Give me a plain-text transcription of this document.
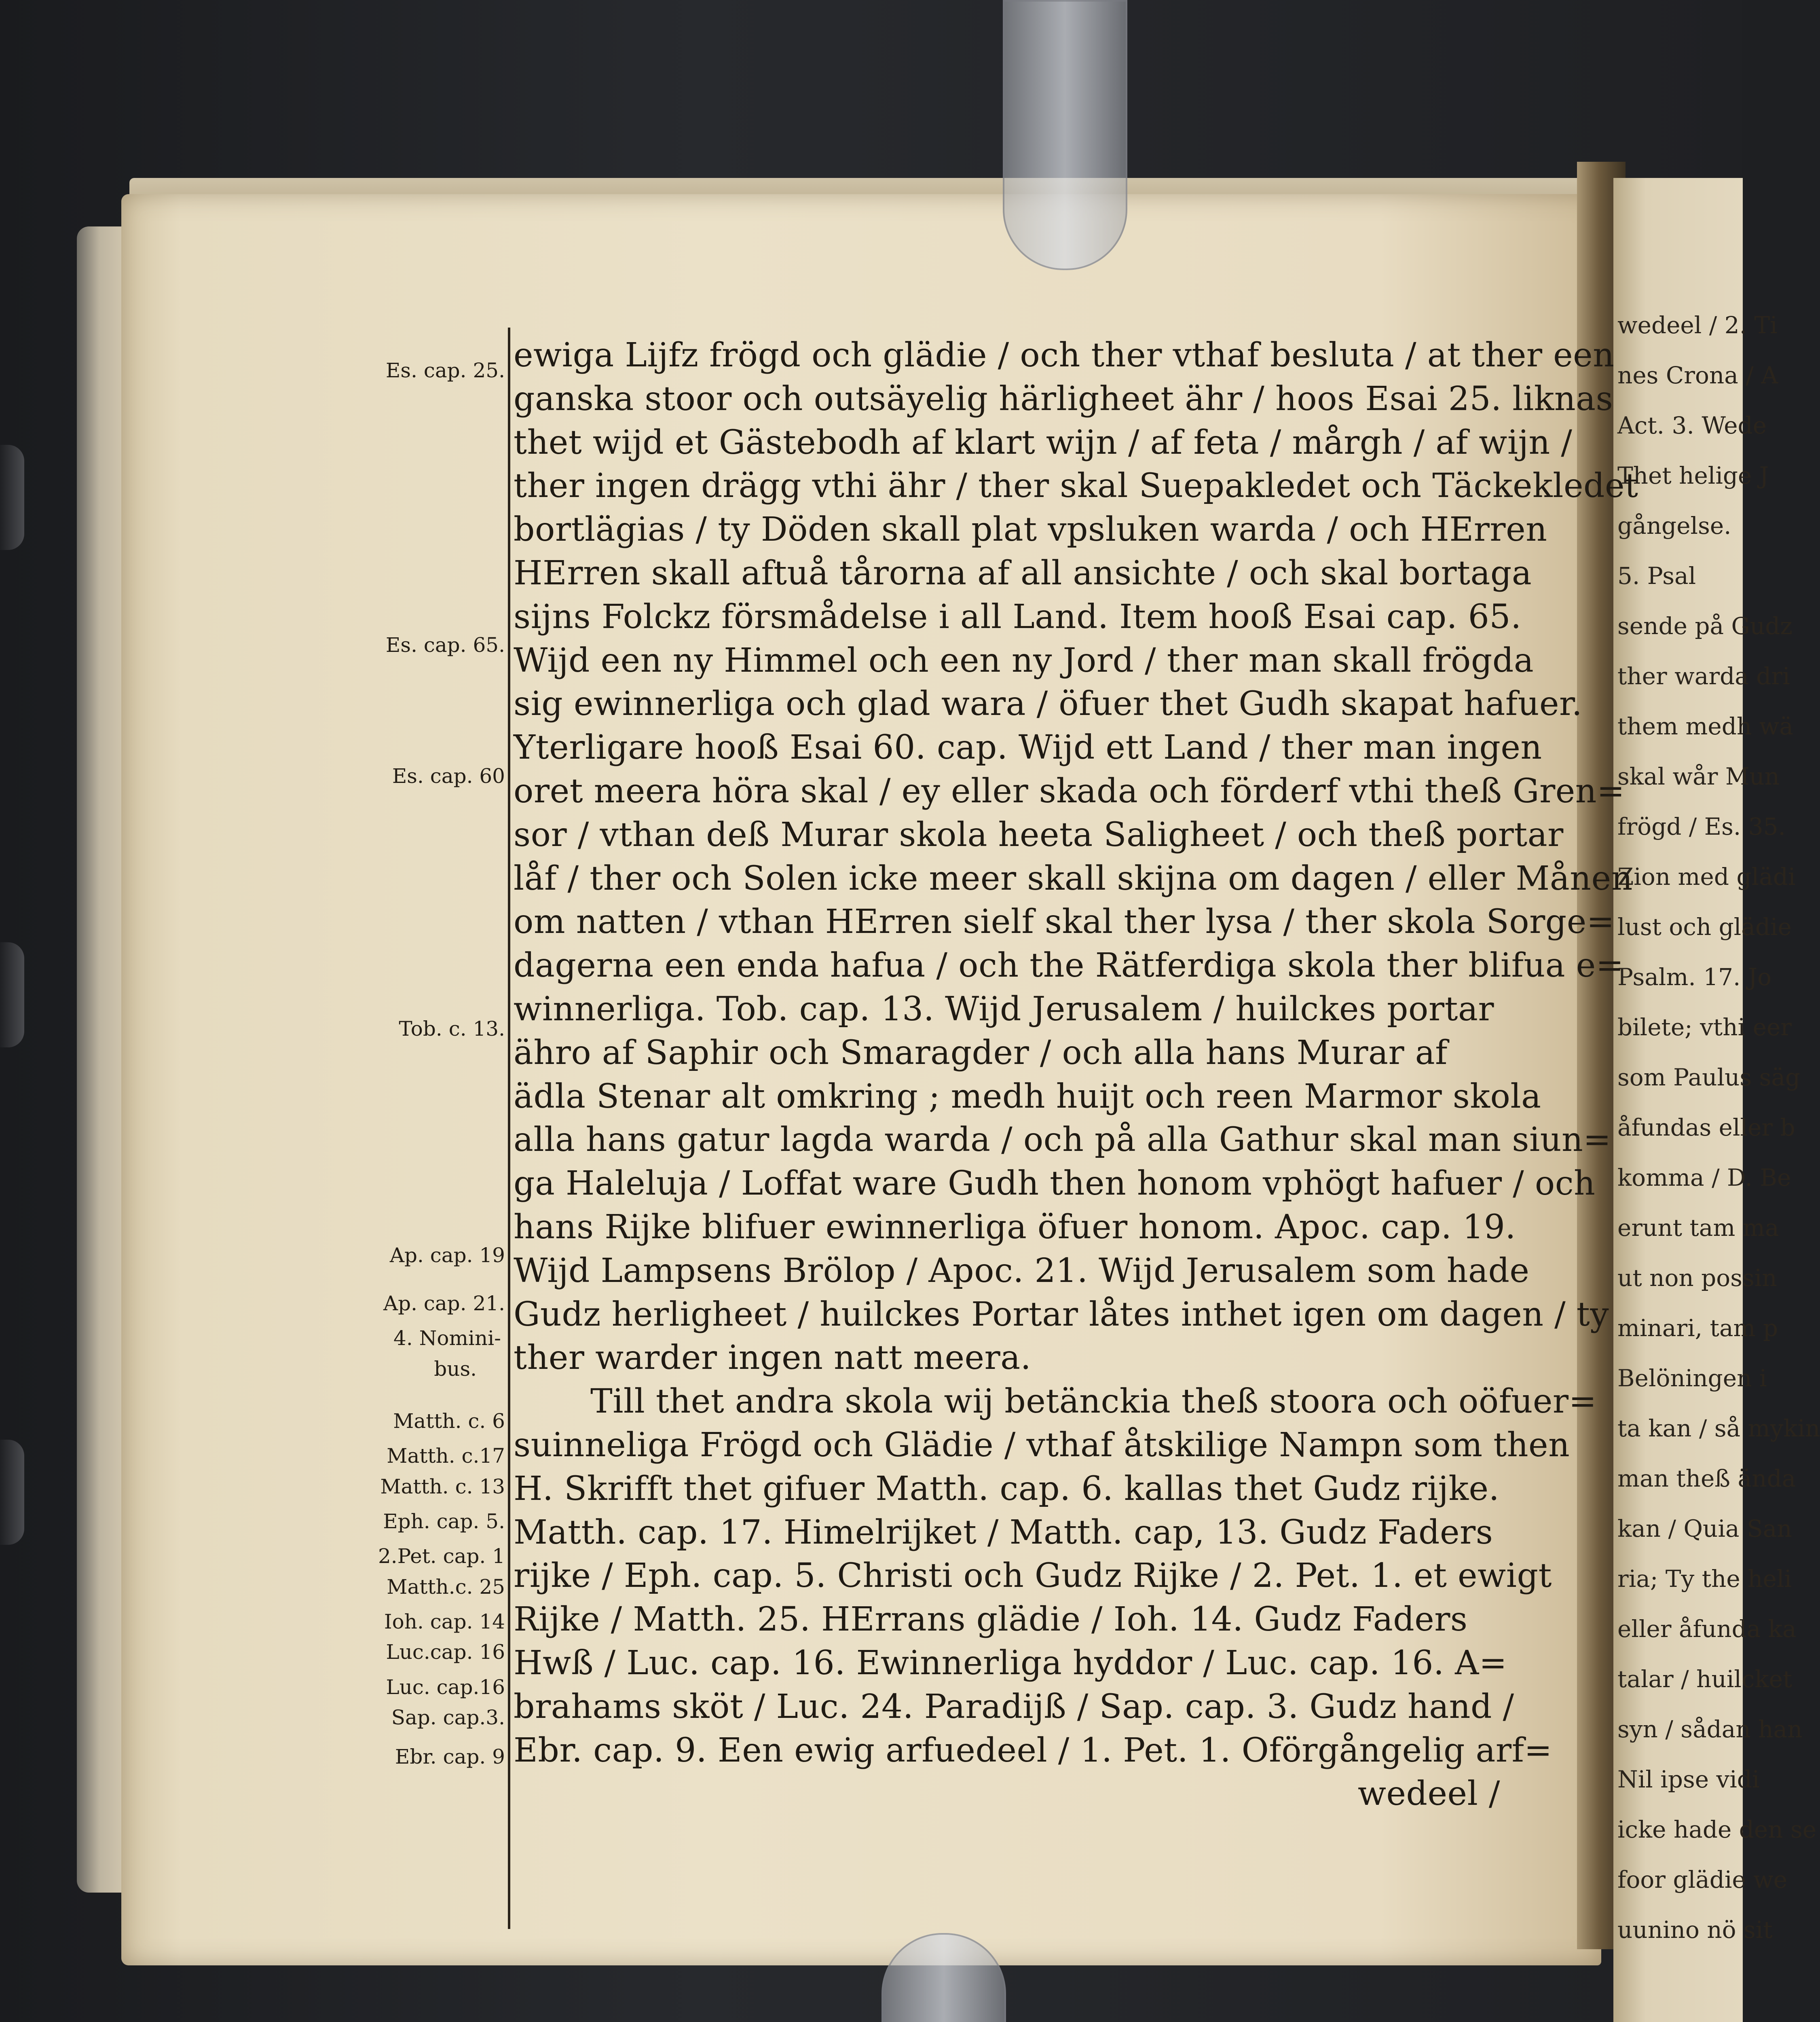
wedeel / 2. Ti
nes Crona / A
Act. 3. Wede
Thet helige J
gångelse.
5. Psal
sende på Gudz
ther warda dri
them medh wä
skal wår Mun
frögd / Es. 35.
Zion med glädi
lust och glädie
Psalm. 17. Jo
bilete; vthi eer
som Paulus säg
åfundas eller b
komma / D. Be
erunt tam ma
ut non possin
minari, tam p
Belöningen i
ta kan / så mykin
man theß ända
kan / Quia San
ria; Ty the heli
eller åfunda ka
talar / huilcket
syn / sådan han
Nil ipse vidi
icke hade den se
foor glädie we
uunino nö sit
ewiga Lijfz frögd och glädie / och ther vthaf besluta / at ther een
ganska stoor och outsäyelig härligheet ähr / hoos Esai 25. liknas
thet wijd et Gästebodh af klart wijn / af feta / mårgh / af wijn /
ther ingen drägg vthi ähr / ther skal Suepakledet och Täckekledet
bortlägias / ty Döden skall plat vpsluken warda / och HErren
HErren skall aftuå tårorna af all ansichte / och skal bortaga
sijns Folckz försmådelse i all Land. Item hooß Esai cap. 65.
Wijd een ny Himmel och een ny Jord / ther man skall frögda
sig ewinnerliga och glad wara / öfuer thet Gudh skapat hafuer.
Yterligare hooß Esai 60. cap. Wijd ett Land / ther man ingen
oret meera höra skal / ey eller skada och förderf vthi theß Gren=
sor / vthan deß Murar skola heeta Saligheet / och theß portar
låf / ther och Solen icke meer skall skijna om dagen / eller Månen
om natten / vthan HErren sielf skal ther lysa / ther skola Sorge=
dagerna een enda hafua / och the Rätferdiga skola ther blifua e=
winnerliga. Tob. cap. 13. Wijd Jerusalem / huilckes portar
ähro af Saphir och Smaragder / och alla hans Murar af
ädla Stenar alt omkring ; medh huijt och reen Marmor skola
alla hans gatur lagda warda / och på alla Gathur skal man siun=
ga Haleluja / Loffat ware Gudh then honom vphögt hafuer / och
hans Rijke blifuer ewinnerliga öfuer honom. Apoc. cap. 19.
Wijd Lampsens Brölop / Apoc. 21. Wijd Jerusalem som hade
Gudz herligheet / huilckes Portar låtes inthet igen om dagen / ty
ther warder ingen natt meera.
Till thet andra skola wij betänckia theß stoora och oöfuer=
suinneliga Frögd och Glädie / vthaf åtskilige Nampn som then
H. Skrifft thet gifuer Matth. cap. 6. kallas thet Gudz rijke.
Matth. cap. 17. Himelrijket / Matth. cap, 13. Gudz Faders
rijke / Eph. cap. 5. Christi och Gudz Rijke / 2. Pet. 1. et ewigt
Rijke / Matth. 25. HErrans glädie / Ioh. 14. Gudz Faders
Hwß / Luc. cap. 16. Ewinnerliga hyddor / Luc. cap. 16. A=
brahams sköt / Luc. 24. Paradijß / Sap. cap. 3. Gudz hand /
Ebr. cap. 9. Een ewig arfuedeel / 1. Pet. 1. Oförgångelig arf=
wedeel /
Es. cap. 25.
Es. cap. 65.
Es. cap. 60
Tob. c. 13.
Ap. cap. 19
Ap. cap. 21.
4. Nomini-
bus.
Matth. c. 6
Matth. c.17
Matth. c. 13
Eph. cap. 5.
2.Pet. cap. 1
Matth.c. 25
Ioh. cap. 14
Luc.cap. 16
Luc. cap.16
Sap. cap.3.
Ebr. cap. 9
